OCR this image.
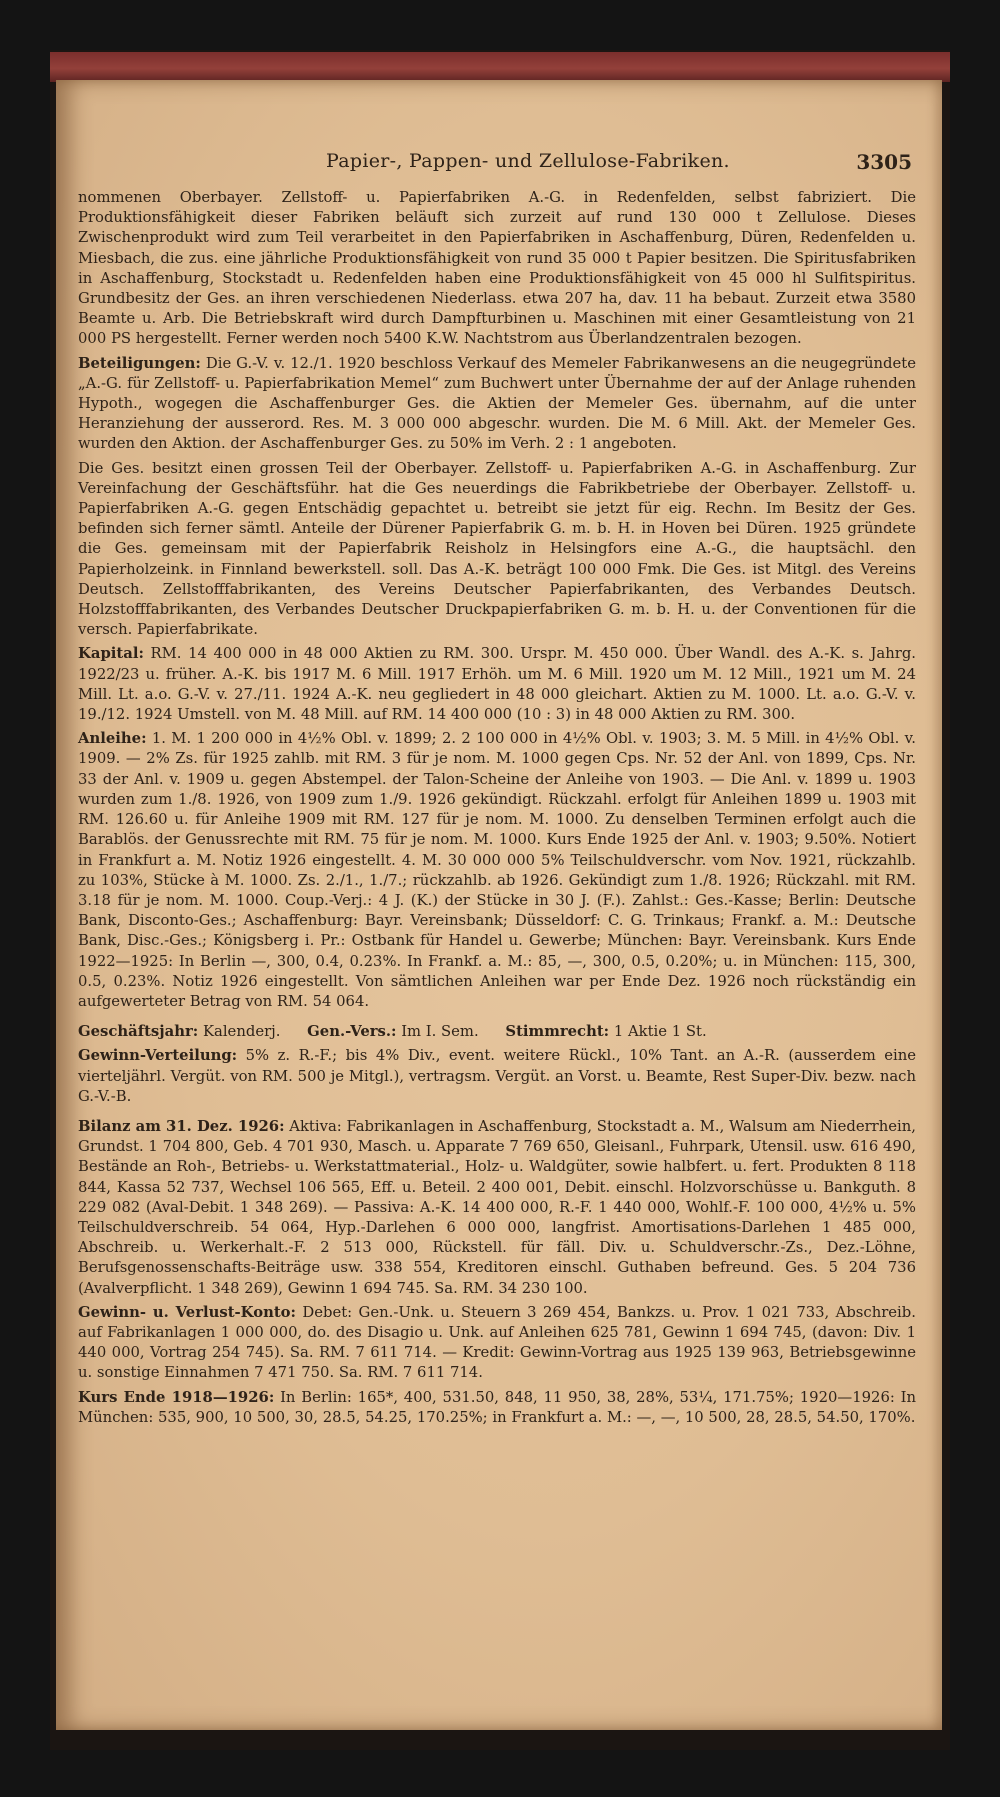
Papier-, Pappen- und Zellulose-Fabriken.	3305

nommenen Oberbayer. Zellstoff- u. Papierfabriken A.-G. in Redenfelden, selbst fabriziert. Die Produktionsfähigkeit dieser Fabriken beläuft sich zurzeit auf rund 130 000 t Zellulose. Dieses Zwischenprodukt wird zum Teil verarbeitet in den Papierfabriken in Aschaffenburg, Düren, Redenfelden u. Miesbach, die zus. eine jährliche Produktionsfähigkeit von rund 35 000 t Papier besitzen. Die Spiritusfabriken in Aschaffenburg, Stockstadt u. Redenfelden haben eine Produktionsfähigkeit von 45 000 hl Sulfitspiritus. Grundbesitz der Ges. an ihren verschiedenen Niederlass. etwa 207 ha, dav. 11 ha bebaut. Zurzeit etwa 3580 Beamte u. Arb. Die Betriebskraft wird durch Dampfturbinen u. Maschinen mit einer Gesamtleistung von 21 000 PS hergestellt. Ferner werden noch 5400 K.W. Nachtstrom aus Überlandzentralen bezogen.

Beteiligungen: Die G.-V. v. 12./1. 1920 beschloss Verkauf des Memeler Fabrikanwesens an die neugegründete „A.-G. für Zellstoff- u. Papierfabrikation Memel“ zum Buchwert unter Übernahme der auf der Anlage ruhenden Hypoth., wogegen die Aschaffenburger Ges. die Aktien der Memeler Ges. übernahm, auf die unter Heranziehung der ausserord. Res. M. 3 000 000 abgeschr. wurden. Die M. 6 Mill. Akt. der Memeler Ges. wurden den Aktion. der Aschaffenburger Ges. zu 50% im Verh. 2 : 1 angeboten.

Die Ges. besitzt einen grossen Teil der Oberbayer. Zellstoff- u. Papierfabriken A.-G. in Aschaffenburg. Zur Vereinfachung der Geschäftsführ. hat die Ges neuerdings die Fabrikbetriebe der Oberbayer. Zellstoff- u. Papierfabriken A.-G. gegen Entschädig gepachtet u. betreibt sie jetzt für eig. Rechn. Im Besitz der Ges. befinden sich ferner sämtl. Anteile der Dürener Papierfabrik G. m. b. H. in Hoven bei Düren. 1925 gründete die Ges. gemeinsam mit der Papierfabrik Reisholz in Helsingfors eine A.-G., die hauptsächl. den Papierholzeink. in Finnland bewerkstell. soll. Das A.-K. beträgt 100 000 Fmk. Die Ges. ist Mitgl. des Vereins Deutsch. Zellstofffabrikanten, des Vereins Deutscher Papierfabrikanten, des Verbandes Deutsch. Holzstofffabrikanten, des Verbandes Deutscher Druckpapierfabriken G. m. b. H. u. der Conventionen für die versch. Papierfabrikate.

Kapital: RM. 14 400 000 in 48 000 Aktien zu RM. 300. Urspr. M. 450 000. Über Wandl. des A.-K. s. Jahrg. 1922/23 u. früher. A.-K. bis 1917 M. 6 Mill. 1917 Erhöh. um M. 6 Mill. 1920 um M. 12 Mill., 1921 um M. 24 Mill. Lt. a.o. G.-V. v. 27./11. 1924 A.-K. neu gegliedert in 48 000 gleichart. Aktien zu M. 1000. Lt. a.o. G.-V. v. 19./12. 1924 Umstell. von M. 48 Mill. auf RM. 14 400 000 (10 : 3) in 48 000 Aktien zu RM. 300.

Anleihe: 1. M. 1 200 000 in 4½% Obl. v. 1899; 2. 2 100 000 in 4½% Obl. v. 1903; 3. M. 5 Mill. in 4½% Obl. v. 1909. — 2% Zs. für 1925 zahlb. mit RM. 3 für je nom. M. 1000 gegen Cps. Nr. 52 der Anl. von 1899, Cps. Nr. 33 der Anl. v. 1909 u. gegen Abstempel. der Talon-Scheine der Anleihe von 1903. — Die Anl. v. 1899 u. 1903 wurden zum 1./8. 1926, von 1909 zum 1./9. 1926 gekündigt. Rückzahl. erfolgt für Anleihen 1899 u. 1903 mit RM. 126.60 u. für Anleihe 1909 mit RM. 127 für je nom. M. 1000. Zu denselben Terminen erfolgt auch die Barablös. der Genussrechte mit RM. 75 für je nom. M. 1000. Kurs Ende 1925 der Anl. v. 1903; 9.50%. Notiert in Frankfurt a. M. Notiz 1926 eingestellt. 4. M. 30 000 000 5% Teilschuldverschr. vom Nov. 1921, rückzahlb. zu 103%, Stücke à M. 1000. Zs. 2./1., 1./7.; rückzahlb. ab 1926. Gekündigt zum 1./8. 1926; Rückzahl. mit RM. 3.18 für je nom. M. 1000. Coup.-Verj.: 4 J. (K.) der Stücke in 30 J. (F.). Zahlst.: Ges.-Kasse; Berlin: Deutsche Bank, Disconto-Ges.; Aschaffenburg: Bayr. Vereinsbank; Düsseldorf: C. G. Trinkaus; Frankf. a. M.: Deutsche Bank, Disc.-Ges.; Königsberg i. Pr.: Ostbank für Handel u. Gewerbe; München: Bayr. Vereinsbank. Kurs Ende 1922—1925: In Berlin —, 300, 0.4, 0.23%. In Frankf. a. M.: 85, —, 300, 0.5, 0.20%; u. in München: 115, 300, 0.5, 0.23%. Notiz 1926 eingestellt. Von sämtlichen Anleihen war per Ende Dez. 1926 noch rückständig ein aufgewerteter Betrag von RM. 54 064.

Geschäftsjahr: Kalenderj. Gen.-Vers.: Im I. Sem. Stimmrecht: 1 Aktie 1 St.

Gewinn-Verteilung: 5% z. R.-F.; bis 4% Div., event. weitere Rückl., 10% Tant. an A.-R. (ausserdem eine vierteljährl. Vergüt. von RM. 500 je Mitgl.), vertragsm. Vergüt. an Vorst. u. Beamte, Rest Super-Div. bezw. nach G.-V.-B.

Bilanz am 31. Dez. 1926: Aktiva: Fabrikanlagen in Aschaffenburg, Stockstadt a. M., Walsum am Niederrhein, Grundst. 1 704 800, Geb. 4 701 930, Masch. u. Apparate 7 769 650, Gleisanl., Fuhrpark, Utensil. usw. 616 490, Bestände an Roh-, Betriebs- u. Werkstattmaterial., Holz- u. Waldgüter, sowie halbfert. u. fert. Produkten 8 118 844, Kassa 52 737, Wechsel 106 565, Eff. u. Beteil. 2 400 001, Debit. einschl. Holzvorschüsse u. Bankguth. 8 229 082 (Aval-Debit. 1 348 269). — Passiva: A.-K. 14 400 000, R.-F. 1 440 000, Wohlf.-F. 100 000, 4½% u. 5% Teilschuldverschreib. 54 064, Hyp.-Darlehen 6 000 000, langfrist. Amortisations-Darlehen 1 485 000, Abschreib. u. Werkerhalt.-F. 2 513 000, Rückstell. für fäll. Div. u. Schuldverschr.-Zs., Dez.-Löhne, Berufsgenossenschafts-Beiträge usw. 338 554, Kreditoren einschl. Guthaben befreund. Ges. 5 204 736 (Avalverpflicht. 1 348 269), Gewinn 1 694 745. Sa. RM. 34 230 100.

Gewinn- u. Verlust-Konto: Debet: Gen.-Unk. u. Steuern 3 269 454, Bankzs. u. Prov. 1 021 733, Abschreib. auf Fabrikanlagen 1 000 000, do. des Disagio u. Unk. auf Anleihen 625 781, Gewinn 1 694 745, (davon: Div. 1 440 000, Vortrag 254 745). Sa. RM. 7 611 714. — Kredit: Gewinn-Vortrag aus 1925 139 963, Betriebsgewinne u. sonstige Einnahmen 7 471 750. Sa. RM. 7 611 714.

Kurs Ende 1918—1926: In Berlin: 165*, 400, 531.50, 848, 11 950, 38, 28%, 53¼, 171.75%; 1920—1926: In München: 535, 900, 10 500, 30, 28.5, 54.25, 170.25%; in Frankfurt a. M.: —, —, 10 500, 28, 28.5, 54.50, 170%.
